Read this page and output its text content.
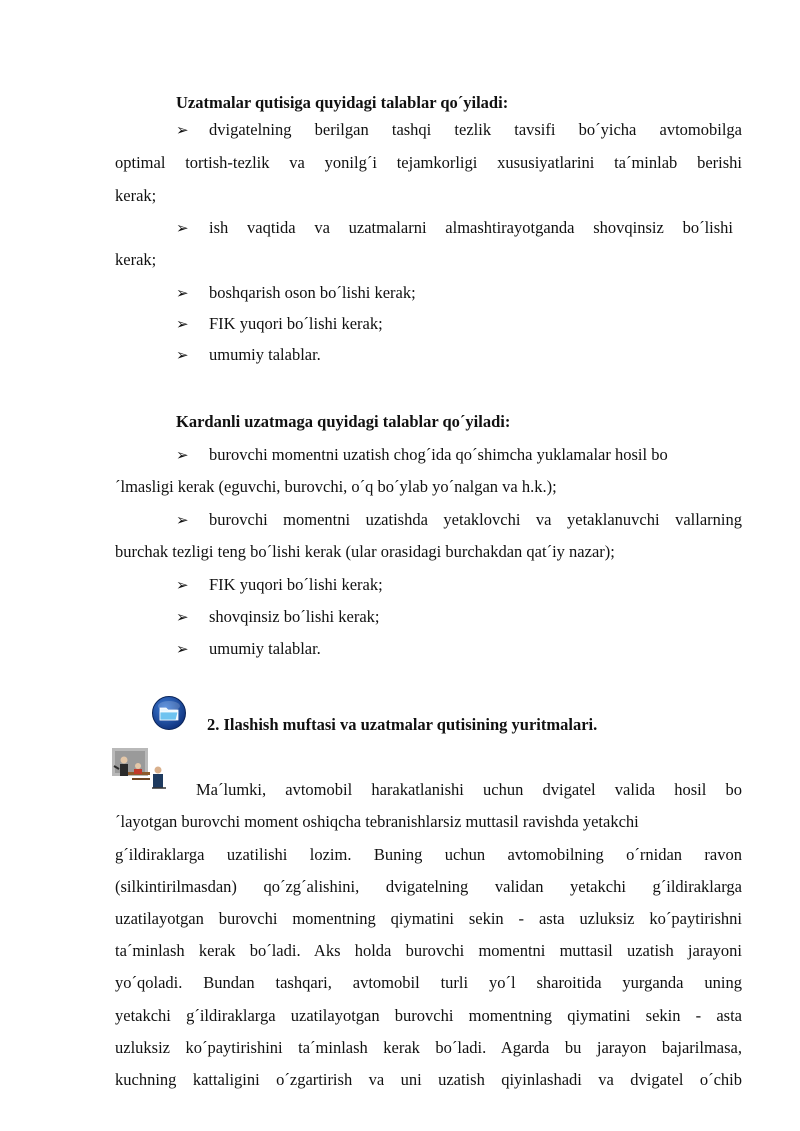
Uzatmalar qutisiga quyidagi talablar qo´yiladi:
➢ dvigatelning berilgan tashqi tezlik tavsifi bo´yicha avtomobilga
optimal tortish-tezlik va yonilg´i tejamkorligi xususiyatlarini ta´minlab berishi
kerak;
➢ ish vaqtida va uzatmalarni almashtirayotganda shovqinsiz bo´lishi
kerak;
➢ boshqarish oson bo´lishi kerak;
➢ FIK yuqori bo´lishi kerak;
➢ umumiy talablar.
Kardanli uzatmaga quyidagi talablar qo´yiladi:
➢ burovchi momentni uzatish chog´ida qo´shimcha yuklamalar hosil bo
´lmasligi kerak (eguvchi, burovchi, o´q bo´ylab yo´nalgan va h.k.);
➢ burovchi momentni uzatishda yetaklovchi va yetaklanuvchi vallarning
burchak tezligi teng bo´lishi kerak (ular orasidagi burchakdan qat´iy nazar);
➢ FIK yuqori bo´lishi kerak;
➢ shovqinsiz bo´lishi kerak;
➢ umumiy talablar.
2. Ilashish muftasi va uzatmalar qutisining yuritmalari.
Ma´lumki, avtomobil harakatlanishi uchun dvigatel valida hosil bo
´layotgan burovchi moment oshiqcha tebranishlarsiz muttasil ravishda yetakchi
g´ildiraklarga uzatilishi lozim. Buning uchun avtomobilning o´rnidan ravon
(silkintirilmasdan) qo´zg´alishini, dvigatelning validan yetakchi g´ildiraklarga
uzatilayotgan burovchi momentning qiymatini sekin - asta uzluksiz ko´paytirishni
ta´minlash kerak bo´ladi. Aks holda burovchi momentni muttasil uzatish jarayoni
yo´qoladi. Bundan tashqari, avtomobil turli yo´l sharoitida yurganda uning
yetakchi g´ildiraklarga uzatilayotgan burovchi momentning qiymatini sekin - asta
uzluksiz ko´paytirishini ta´minlash kerak bo´ladi. Agarda bu jarayon bajarilmasa,
kuchning kattaligini o´zgartirish va uni uzatish qiyinlashadi va dvigatel o´chib
